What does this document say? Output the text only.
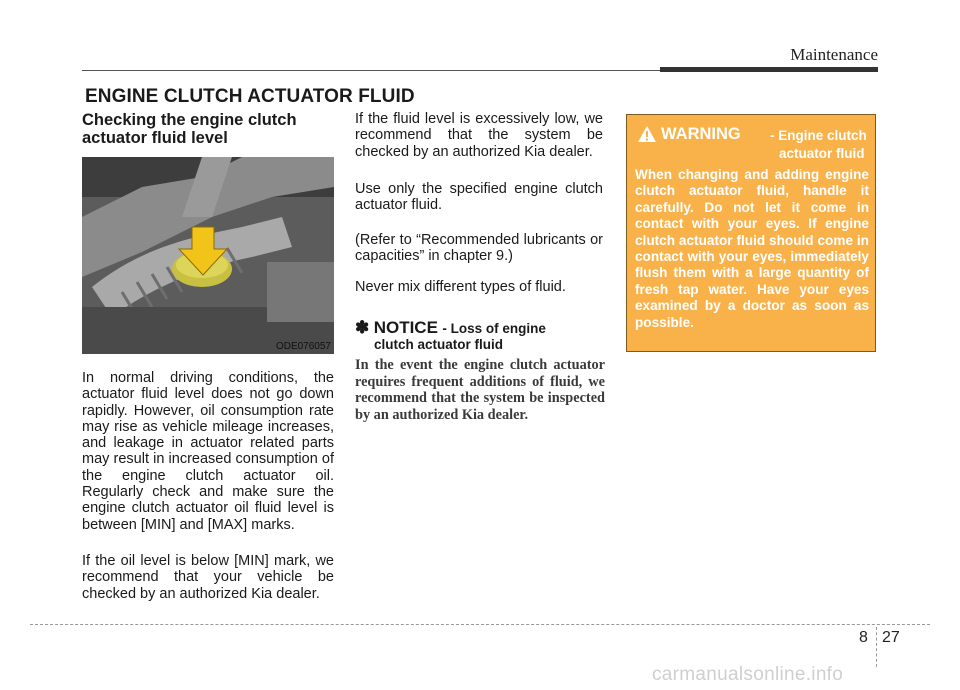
Maintenance
ENGINE CLUTCH ACTUATOR FLUID
Checking the engine clutch actuator fluid level
ODE076057

In normal driving conditions, the actuator fluid level does not go down rapidly. However, oil consumption rate may rise as vehicle mileage increases, and leakage in actuator related parts may result in increased consumption of the engine clutch actuator oil. Regularly check and make sure the engine clutch actuator oil fluid level is between [MIN] and [MAX] marks.

If the oil level is below [MIN] mark, we recommend that your vehicle be checked by an authorized Kia dealer.

If the fluid level is excessively low, we recommend that the system be checked by an authorized Kia dealer.

Use only the specified engine clutch actuator fluid.

(Refer to “Recommended lubricants or capacities” in chapter 9.)

Never mix different types of fluid.

✽ NOTICE - Loss of engine
clutch actuator fluid

In the event the engine clutch actuator requires frequent additions of fluid, we recommend that the system be inspected by an authorized Kia dealer.

WARNING - Engine clutch
actuator fluid

When changing and adding engine clutch actuator fluid, handle it carefully. Do not let it come in contact with your eyes. If engine clutch actuator fluid should come in contact with your eyes, immediately flush them with a large quantity of fresh tap water. Have your eyes examined by a doctor as soon as possible.

8 27
carmanualsonline.info
